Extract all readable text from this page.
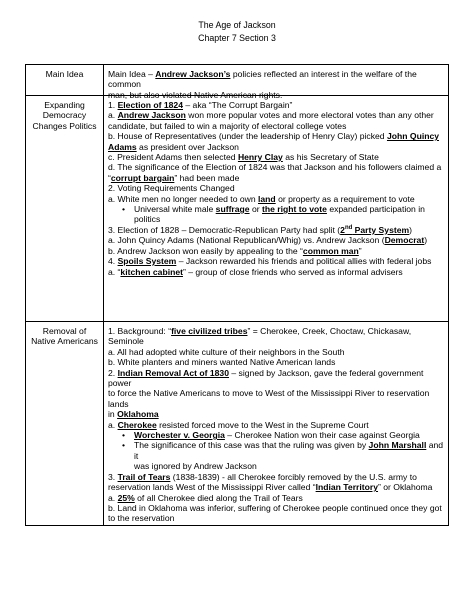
The Age of Jackson
Chapter 7 Section 3
Main Idea	Main Idea – Andrew Jackson’s policies reflected an interest in the welfare of the common

man, but also violated Native American rights.

Expanding
Democracy
Changes Politics

1. Election of 1824 – aka “The Corrupt Bargain”

a. Andrew Jackson won more popular votes and more electoral votes than any other

candidate, but failed to win a majority of electoral college votes

b. House of Representatives (under the leadership of Henry Clay) picked John Quincy

Adams as president over Jackson

c. President Adams then selected Henry Clay as his Secretary of State

d. The significance of the Election of 1824 was that Jackson and his followers claimed a

“corrupt bargain” had been made

2. Voting Requirements Changed

a. White men no longer needed to own land or property as a requirement to vote

• Universal white male suffrage or the right to vote expanded participation in

politics

3. Election of 1828 – Democratic-Republican Party had split (2nd Party System)

a. John Quincy Adams (National Republican/Whig) vs. Andrew Jackson (Democrat)

b. Andrew Jackson won easily by appealing to the “common man”

4. Spoils System – Jackson rewarded his friends and political allies with federal jobs

a. “kitchen cabinet” – group of close friends who served as informal advisers

Removal of
Native Americans

1. Background: “five civilized tribes” = Cherokee, Creek, Choctaw, Chickasaw, Seminole

a. All had adopted white culture of their neighbors in the South

b. White planters and miners wanted Native American lands

2. Indian Removal Act of 1830 – signed by Jackson, gave the federal government power

to force the Native Americans to move to West of the Mississippi River to reservation lands

in Oklahoma

a. Cherokee resisted forced move to the West in the Supreme Court

• Worchester v. Georgia – Cherokee Nation won their case against Georgia

• The significance of this case was that the ruling was given by John Marshall and it

was ignored by Andrew Jackson

3. Trail of Tears (1838-1839) - all Cherokee forcibly removed by the U.S. army to

reservation lands West of the Mississippi River called “Indian Territory” or Oklahoma

a. 25% of all Cherokee died along the Trail of Tears

b. Land in Oklahoma was inferior, suffering of Cherokee people continued once they got

to the reservation
